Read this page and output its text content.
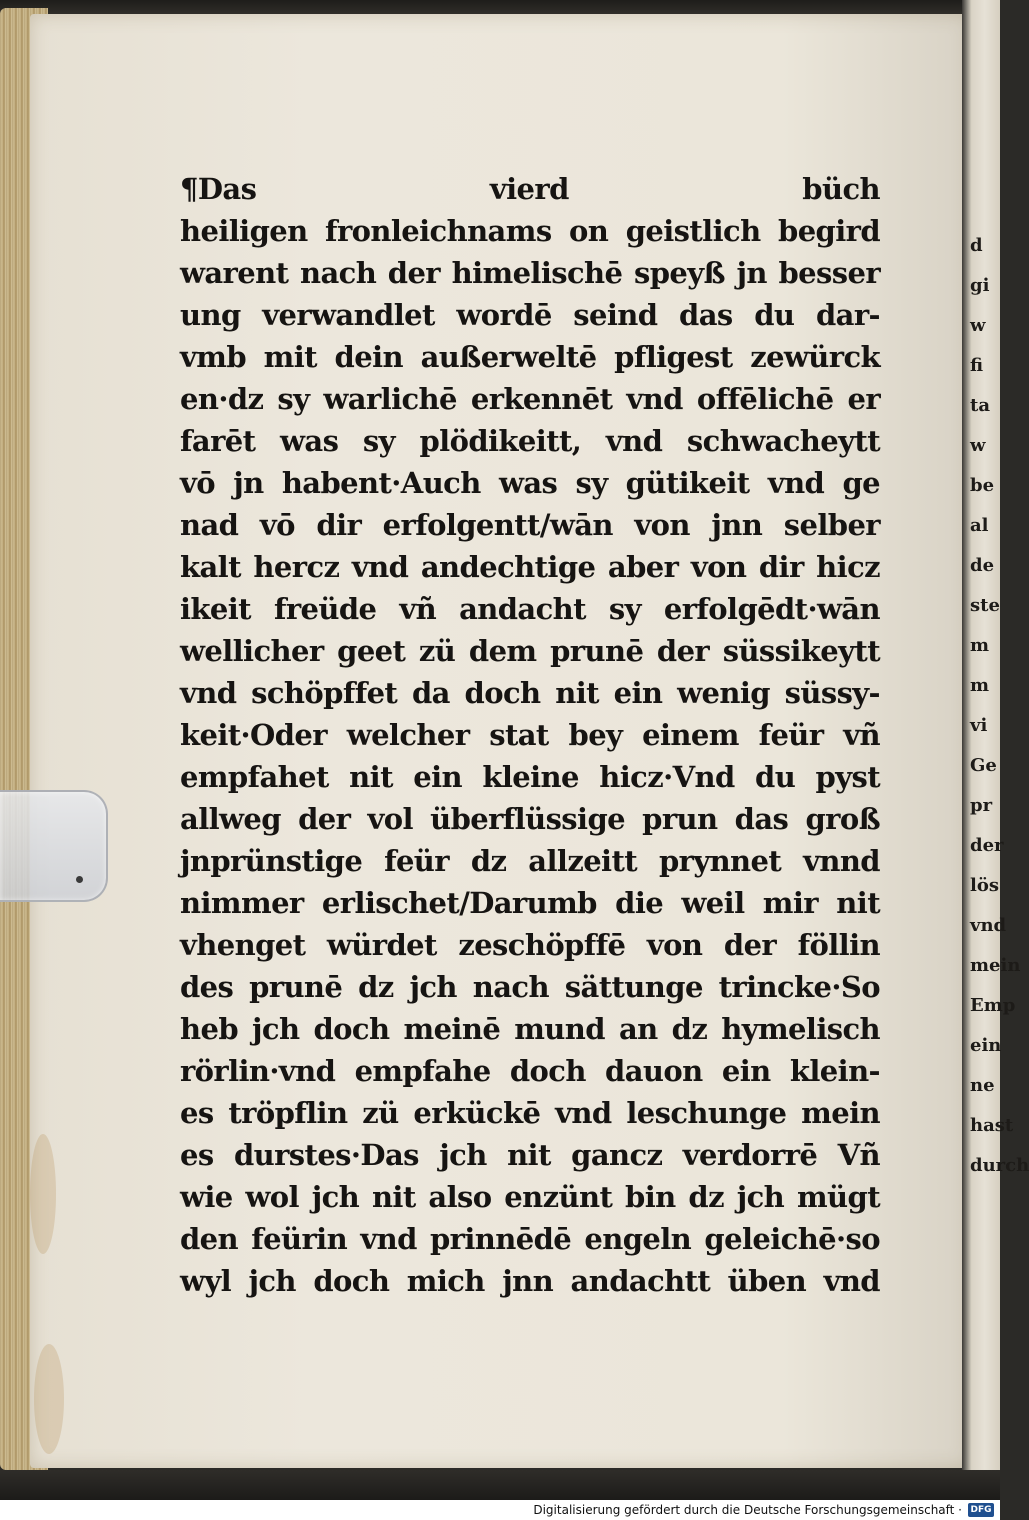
d
gi
w
fi
ta
w
be
al
de
ste
m
m
vi
Ge
pr
der
lös
vnd
mein
Emp
ein
ne
hast
durch
¶Das vierd büch
heiligen fronleichnams on geistlich begird
warent nach der himelischē speyß jn besser
ung verwandlet wordē seind das du dar-
vmb mit dein außerweltē pfligest zewürck
en·dz sy warlichē erkennēt vnd offēlichē er
farēt was sy plödikeitt, vnd schwacheytt
vō jn habent·Auch was sy gütikeit vnd ge
nad vō dir erfolgentt/wān von jnn selber
kalt hercz vnd andechtige aber von dir hicz
ikeit freüde vñ andacht sy erfolgēdt·wān
wellicher geet zü dem prunē der süssikeytt
vnd schöpffet da doch nit ein wenig süssy-
keit·Oder welcher stat bey einem feür vñ
empfahet nit ein kleine hicz·Vnd du pyst
allweg der vol überflüssige prun das groß
jnprünstige feür dz allzeitt prynnet vnnd
nimmer erlischet/Darumb die weil mir nit
vhenget würdet zeschöpffē von der föllin
des prunē dz jch nach sättunge trincke·So
heb jch doch meinē mund an dz hymelisch
rörlin·vnd empfahe doch dauon ein klein-
es tröpflin zü erkückē vnd leschunge mein
es durstes·Das jch nit gancz verdorrē Vñ
wie wol jch nit also enzünt bin dz jch mügt
den feürin vnd prinnēdē engeln geleichē·so
wyl jch doch mich jnn andachtt üben vnd
Digitalisierung gefördert durch die Deutsche Forschungsgemeinschaft · DFG
